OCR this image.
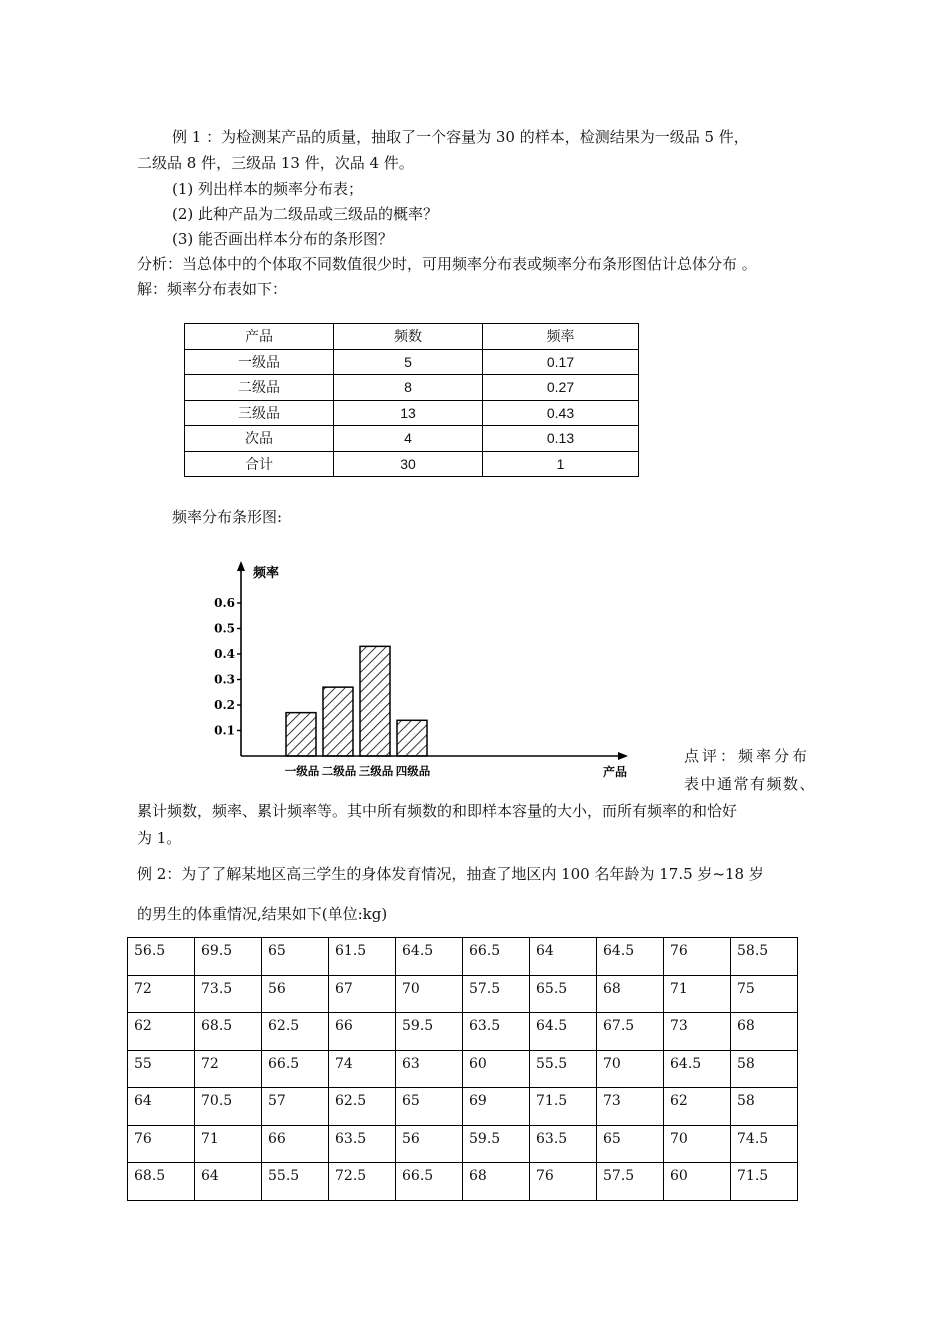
例 1 ：为检测某产品的质量，抽取了一个容量为 30 的样本，检测结果为一级品 5 件，
二级品 8 件，三级品 13 件，次品 4 件。
(1) 列出样本的频率分布表；
(2) 此种产品为二级品或三级品的概率？
(3) 能否画出样本分布的条形图？
分析：当总体中的个体取不同数值很少时，可用频率分布表或频率分布条形图估计总体分布 。
解：频率分布表如下：
产品	频数	频率
一级品	5	0.17
二级品	8	0.27
三级品	13	0.43
次品	4	0.13
合计	30	1
频率分布条形图:
频率
产品
0.1
0.2
0.3
0.4
0.5
0.6
一级品 二级品 三级品 四级品
点评：频率分布
表中通常有频数、
累计频数，频率、累计频率等。其中所有频数的和即样本容量的大小，而所有频率的和恰好
为 1。
例 2：为了了解某地区高三学生的身体发育情况，抽查了地区内 100 名年龄为 17.5 岁~18 岁
的男生的体重情况,结果如下(单位:kg)
56.5	69.5	65	61.5	64.5	66.5	64	64.5	76	58.5
72	73.5	56	67	70	57.5	65.5	68	71	75
62	68.5	62.5	66	59.5	63.5	64.5	67.5	73	68
55	72	66.5	74	63	60	55.5	70	64.5	58
64	70.5	57	62.5	65	69	71.5	73	62	58
76	71	66	63.5	56	59.5	63.5	65	70	74.5
68.5	64	55.5	72.5	66.5	68	76	57.5	60	71.5
